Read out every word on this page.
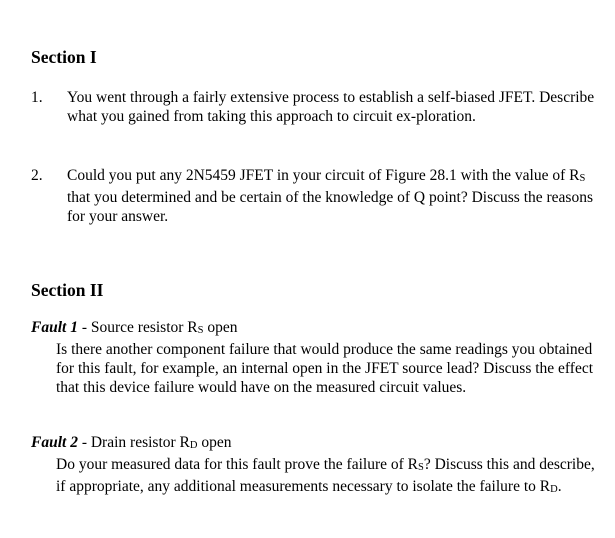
Section I
1. You went through a fairly extensive process to establish a self-biased JFET. Describe what you gained from taking this approach to circuit ex-ploration.
2. Could you put any 2N5459 JFET in your circuit of Figure 28.1 with the value of RS that you determined and be certain of the knowledge of Q point? Discuss the reasons for your answer.
Section II
Fault 1 - Source resistor RS open
Is there another component failure that would produce the same readings you obtained for this fault, for example, an internal open in the JFET source lead? Discuss the effect that this device failure would have on the measured circuit values.
Fault 2 - Drain resistor RD open
Do your measured data for this fault prove the failure of RS? Discuss this and describe, if appropriate, any additional measurements necessary to isolate the failure to RD.
